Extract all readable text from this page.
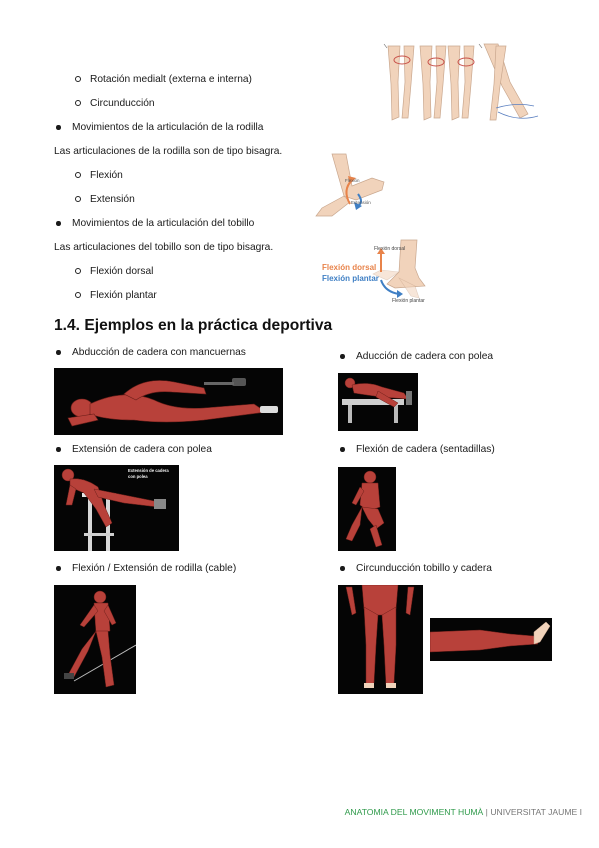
Rotación medialt (externa e interna)
Circunducción
Movimientos de la articulación de la rodilla
Las articulaciones de la rodilla son de tipo bisagra.
Flexión
Extensión
Movimientos de la articulación del tobillo
Las articulaciones del tobillo son de tipo bisagra.
Flexión dorsal
Flexión plantar
Flexión
Extensión
Flexión dorsal
Flexión dorsal
Flexión plantar
Flexión plantar
1.4. Ejemplos en la práctica deportiva
Abducción de cadera con mancuernas	Aducción de cadera con polea
Extensión de cadera con polea
Extensión de cadera
con polea
Flexión de cadera (sentadillas)
Flexión / Extensión de rodilla (cable)	Circunducción tobillo y cadera
ANATOMIA DEL MOVIMENT HUMÀ | UNIVERSITAT JAUME I
